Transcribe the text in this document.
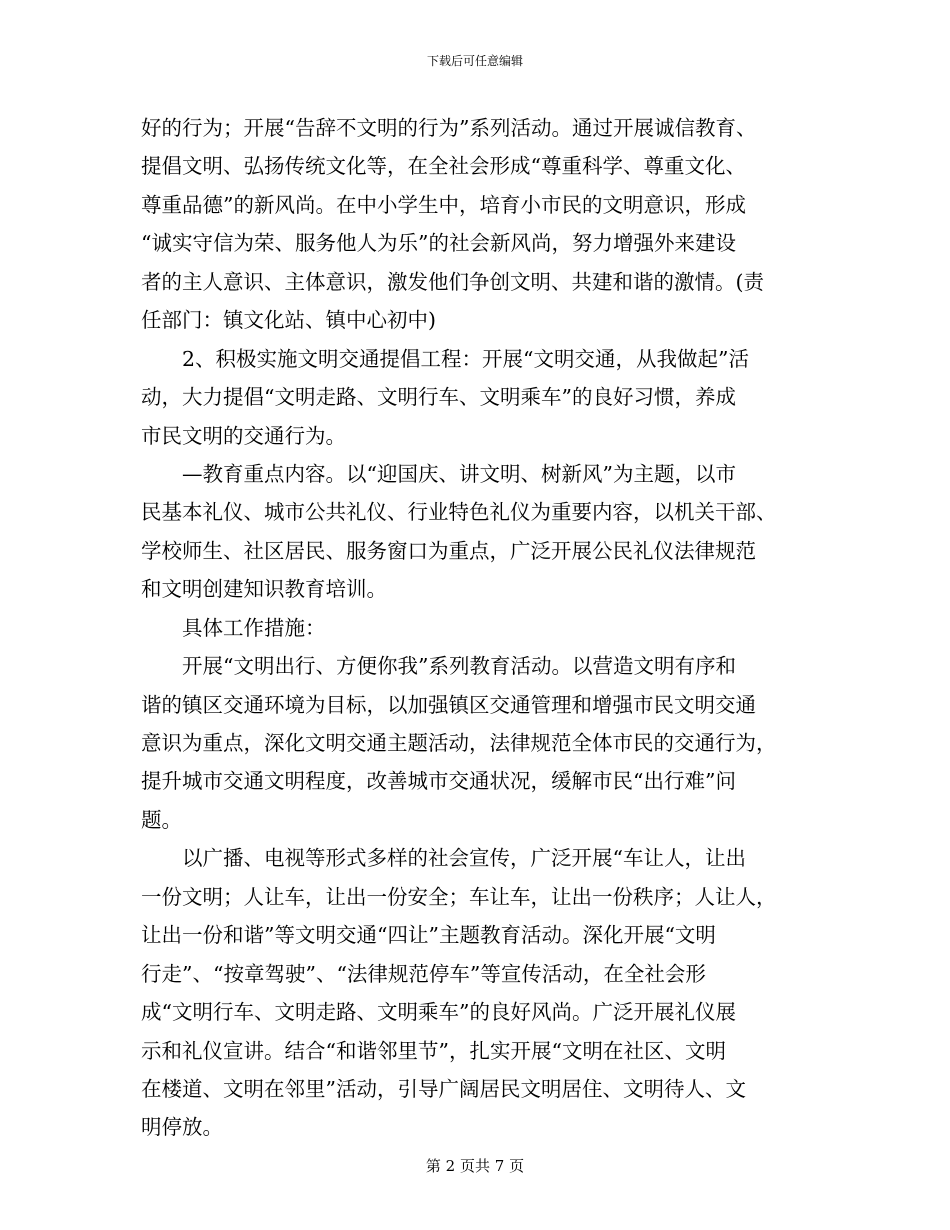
下载后可任意编辑
好的行为；开展“告辞不文明的行为”系列活动。通过开展诚信教育、
提倡文明、弘扬传统文化等，在全社会形成“尊重科学、尊重文化、
尊重品德”的新风尚。在中小学生中，培育小市民的文明意识，形成
“诚实守信为荣、服务他人为乐”的社会新风尚，努力增强外来建设
者的主人意识、主体意识，激发他们争创文明、共建和谐的激情。(责
任部门：镇文化站、镇中心初中)
　　2、积极实施文明交通提倡工程：开展“文明交通，从我做起”活
动，大力提倡“文明走路、文明行车、文明乘车”的良好习惯，养成
市民文明的交通行为。
　　—教育重点内容。以“迎国庆、讲文明、树新风”为主题，以市
民基本礼仪、城市公共礼仪、行业特色礼仪为重要内容，以机关干部、
学校师生、社区居民、服务窗口为重点，广泛开展公民礼仪法律规范
和文明创建知识教育培训。
　　具体工作措施：
　　开展“文明出行、方便你我”系列教育活动。以营造文明有序和
谐的镇区交通环境为目标，以加强镇区交通管理和增强市民文明交通
意识为重点，深化文明交通主题活动，法律规范全体市民的交通行为，
提升城市交通文明程度，改善城市交通状况，缓解市民“出行难”问
题。
　　以广播、电视等形式多样的社会宣传，广泛开展“车让人，让出
一份文明；人让车，让出一份安全；车让车，让出一份秩序；人让人，
让出一份和谐”等文明交通“四让”主题教育活动。深化开展“文明
行走”、“按章驾驶”、“法律规范停车”等宣传活动，在全社会形
成“文明行车、文明走路、文明乘车”的良好风尚。广泛开展礼仪展
示和礼仪宣讲。结合“和谐邻里节”，扎实开展“文明在社区、文明
在楼道、文明在邻里”活动，引导广阔居民文明居住、文明待人、文
明停放。
第 2 页共 7 页
